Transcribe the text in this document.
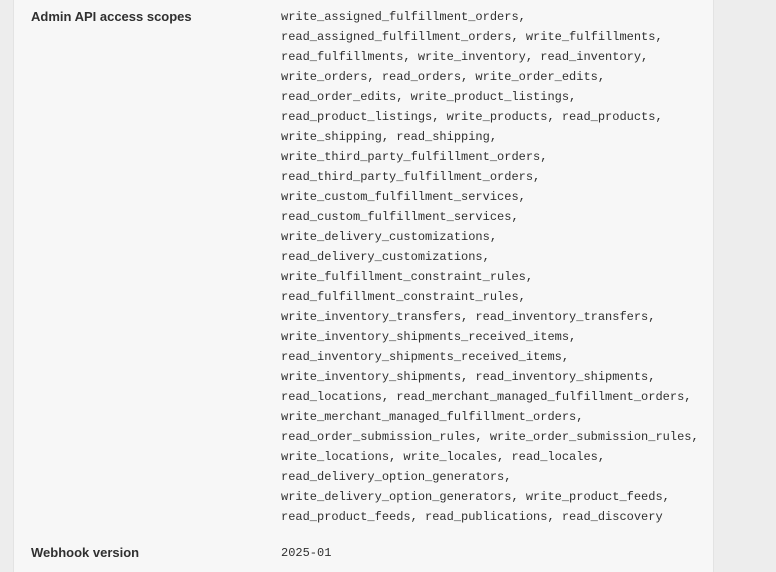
Admin API access scopes	write_assigned_fulfillment_orders,
read_assigned_fulfillment_orders, write_fulfillments,
read_fulfillments, write_inventory, read_inventory,
write_orders, read_orders, write_order_edits,
read_order_edits, write_product_listings,
read_product_listings, write_products, read_products,
write_shipping, read_shipping,
write_third_party_fulfillment_orders,
read_third_party_fulfillment_orders,
write_custom_fulfillment_services,
read_custom_fulfillment_services,
write_delivery_customizations,
read_delivery_customizations,
write_fulfillment_constraint_rules,
read_fulfillment_constraint_rules,
write_inventory_transfers, read_inventory_transfers,
write_inventory_shipments_received_items,
read_inventory_shipments_received_items,
write_inventory_shipments, read_inventory_shipments,
read_locations, read_merchant_managed_fulfillment_orders,
write_merchant_managed_fulfillment_orders,
read_order_submission_rules, write_order_submission_rules,
write_locations, write_locales, read_locales,
read_delivery_option_generators,
write_delivery_option_generators, write_product_feeds,
read_product_feeds, read_publications, read_discovery
Webhook version	2025-01
